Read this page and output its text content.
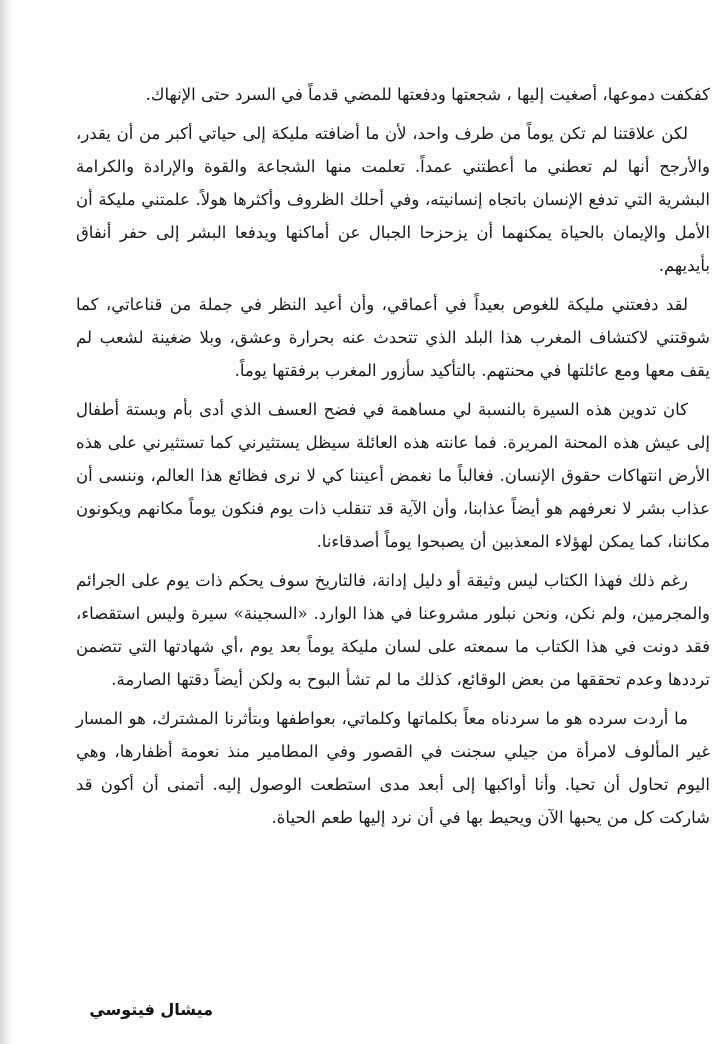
كفكفت دموعها، أصغيت إليها ، شجعتها ودفعتها للمضي قدماً في السرد حتى الإنهاك.

لكن علاقتنا لم تكن يوماً من طرف واحد، لأن ما أضافته مليكة إلى حياتي أكبر من أن يقدر، والأرجح أنها لم تعطني ما أعطتني عمداً. تعلمت منها الشجاعة والقوة والإرادة والكرامة البشرية التي تدفع الإنسان باتجاه إنسانيته، وفي أحلك الظروف وأكثرها هولاً. علمتني مليكة أن الأمل والإيمان بالحياة يمكنهما أن يزحزحا الجبال عن أماكنها ويدفعا البشر إلى حفر أنفاق بأيديهم.

لقد دفعتني مليكة للغوص بعيداً في أعماقي، وأن أعيد النظر في جملة من قناعاتي، كما شوقتني لاكتشاف المغرب هذا البلد الذي تتحدث عنه بحرارة وعشق، وبلا ضغينة لشعب لم يقف معها ومع عائلتها في محنتهم. بالتأكيد سأزور المغرب برفقتها يوماً.

كان تدوين هذه السيرة بالنسبة لي مساهمة في فضح العسف الذي أدى بأم وبستة أطفال إلى عيش هذه المحنة المريرة. فما عانته هذه العائلة سيظل يستثيرني كما تستثيرني على هذه الأرض انتهاكات حقوق الإنسان. فغالباً ما نغمض أعيننا كي لا نرى فظائع هذا العالم، وننسى أن عذاب بشر لا نعرفهم هو أيضاً عذابنا، وأن الآية قد تنقلب ذات يوم فنكون يوماً مكانهم ويكونون مكاننا، كما يمكن لهؤلاء المعذبين أن يصبحوا يوماً أصدقاءنا.

رغم ذلك فهذا الكتاب ليس وثيقة أو دليل إدانة، فالتاريخ سوف يحكم ذات يوم على الجرائم والمجرمين، ولم نكن، ونحن نبلور مشروعنا في هذا الوارد. «السجينة» سيرة وليس استقصاء، فقد دونت في هذا الكتاب ما سمعته على لسان مليكة يوماً بعد يوم ،أي شهادتها التي تتضمن ترددها وعدم تحققها من بعض الوقائع، كذلك ما لم تشأ البوح به ولكن أيضاً دقتها الصارمة.

ما أردت سرده هو ما سردناه معاً بكلماتها وكلماتي، بعواطفها وبتأثرنا المشترك، هو المسار غير المألوف لامرأة من جيلي سجنت في القصور وفي المطامير منذ نعومة أظفارها، وهي اليوم تحاول أن تحيا. وأنا أواكبها إلى أبعد مدى استطعت الوصول إليه. أتمنى أن أكون قد شاركت كل من يحبها الآن ويحيط بها في أن نرد إليها طعم الحياة.

ميشال فيتوسي
